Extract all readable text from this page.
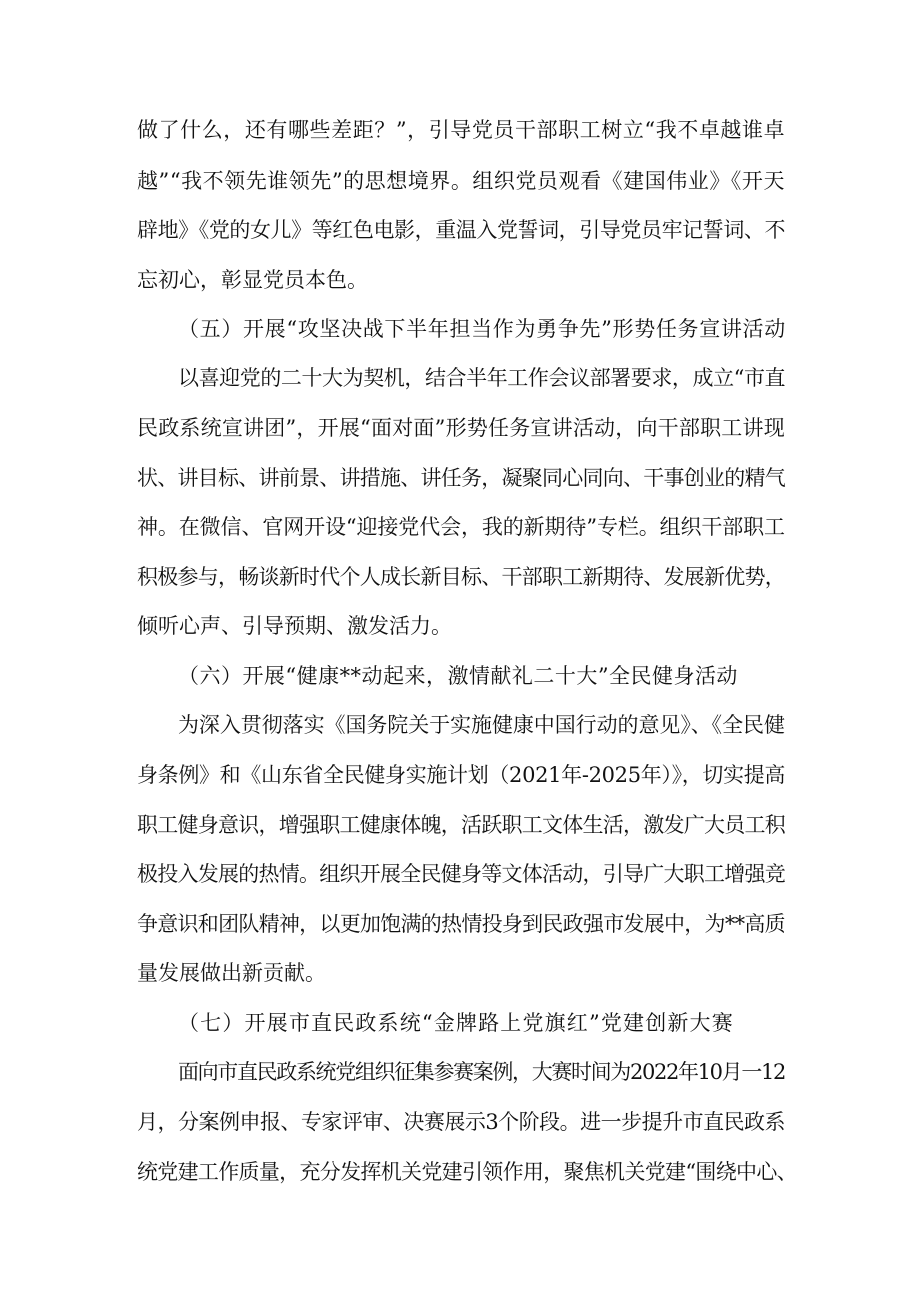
做了什么，还有哪些差距？”，引导党员干部职工树立“我不卓越谁卓
越”“我不领先谁领先”的思想境界。组织党员观看《建国伟业》《开天
辟地》《党的女儿》等红色电影，重温入党誓词，引导党员牢记誓词、不
忘初心，彰显党员本色。
（五）开展“攻坚决战下半年担当作为勇争先”形势任务宣讲活动
以喜迎党的二十大为契机，结合半年工作会议部署要求，成立“市直
民政系统宣讲团”，开展“面对面”形势任务宣讲活动，向干部职工讲现
状、讲目标、讲前景、讲措施、讲任务，凝聚同心同向、干事创业的精气
神。在微信、官网开设“迎接党代会，我的新期待”专栏。组织干部职工
积极参与，畅谈新时代个人成长新目标、干部职工新期待、发展新优势，
倾听心声、引导预期、激发活力。
（六）开展“健康**动起来，激情献礼二十大”全民健身活动
为深入贯彻落实《国务院关于实施健康中国行动的意见》、《全民健
身条例》和《山东省全民健身实施计划（2021年-2025年）》，切实提高
职工健身意识，增强职工健康体魄，活跃职工文体生活，激发广大员工积
极投入发展的热情。组织开展全民健身等文体活动，引导广大职工增强竞
争意识和团队精神，以更加饱满的热情投身到民政强市发展中，为**高质
量发展做出新贡献。
（七）开展市直民政系统“金牌路上党旗红”党建创新大赛
面向市直民政系统党组织征集参赛案例，大赛时间为2022年10月一12
月，分案例申报、专家评审、决赛展示3个阶段。进一步提升市直民政系
统党建工作质量，充分发挥机关党建引领作用，聚焦机关党建“围绕中心、
